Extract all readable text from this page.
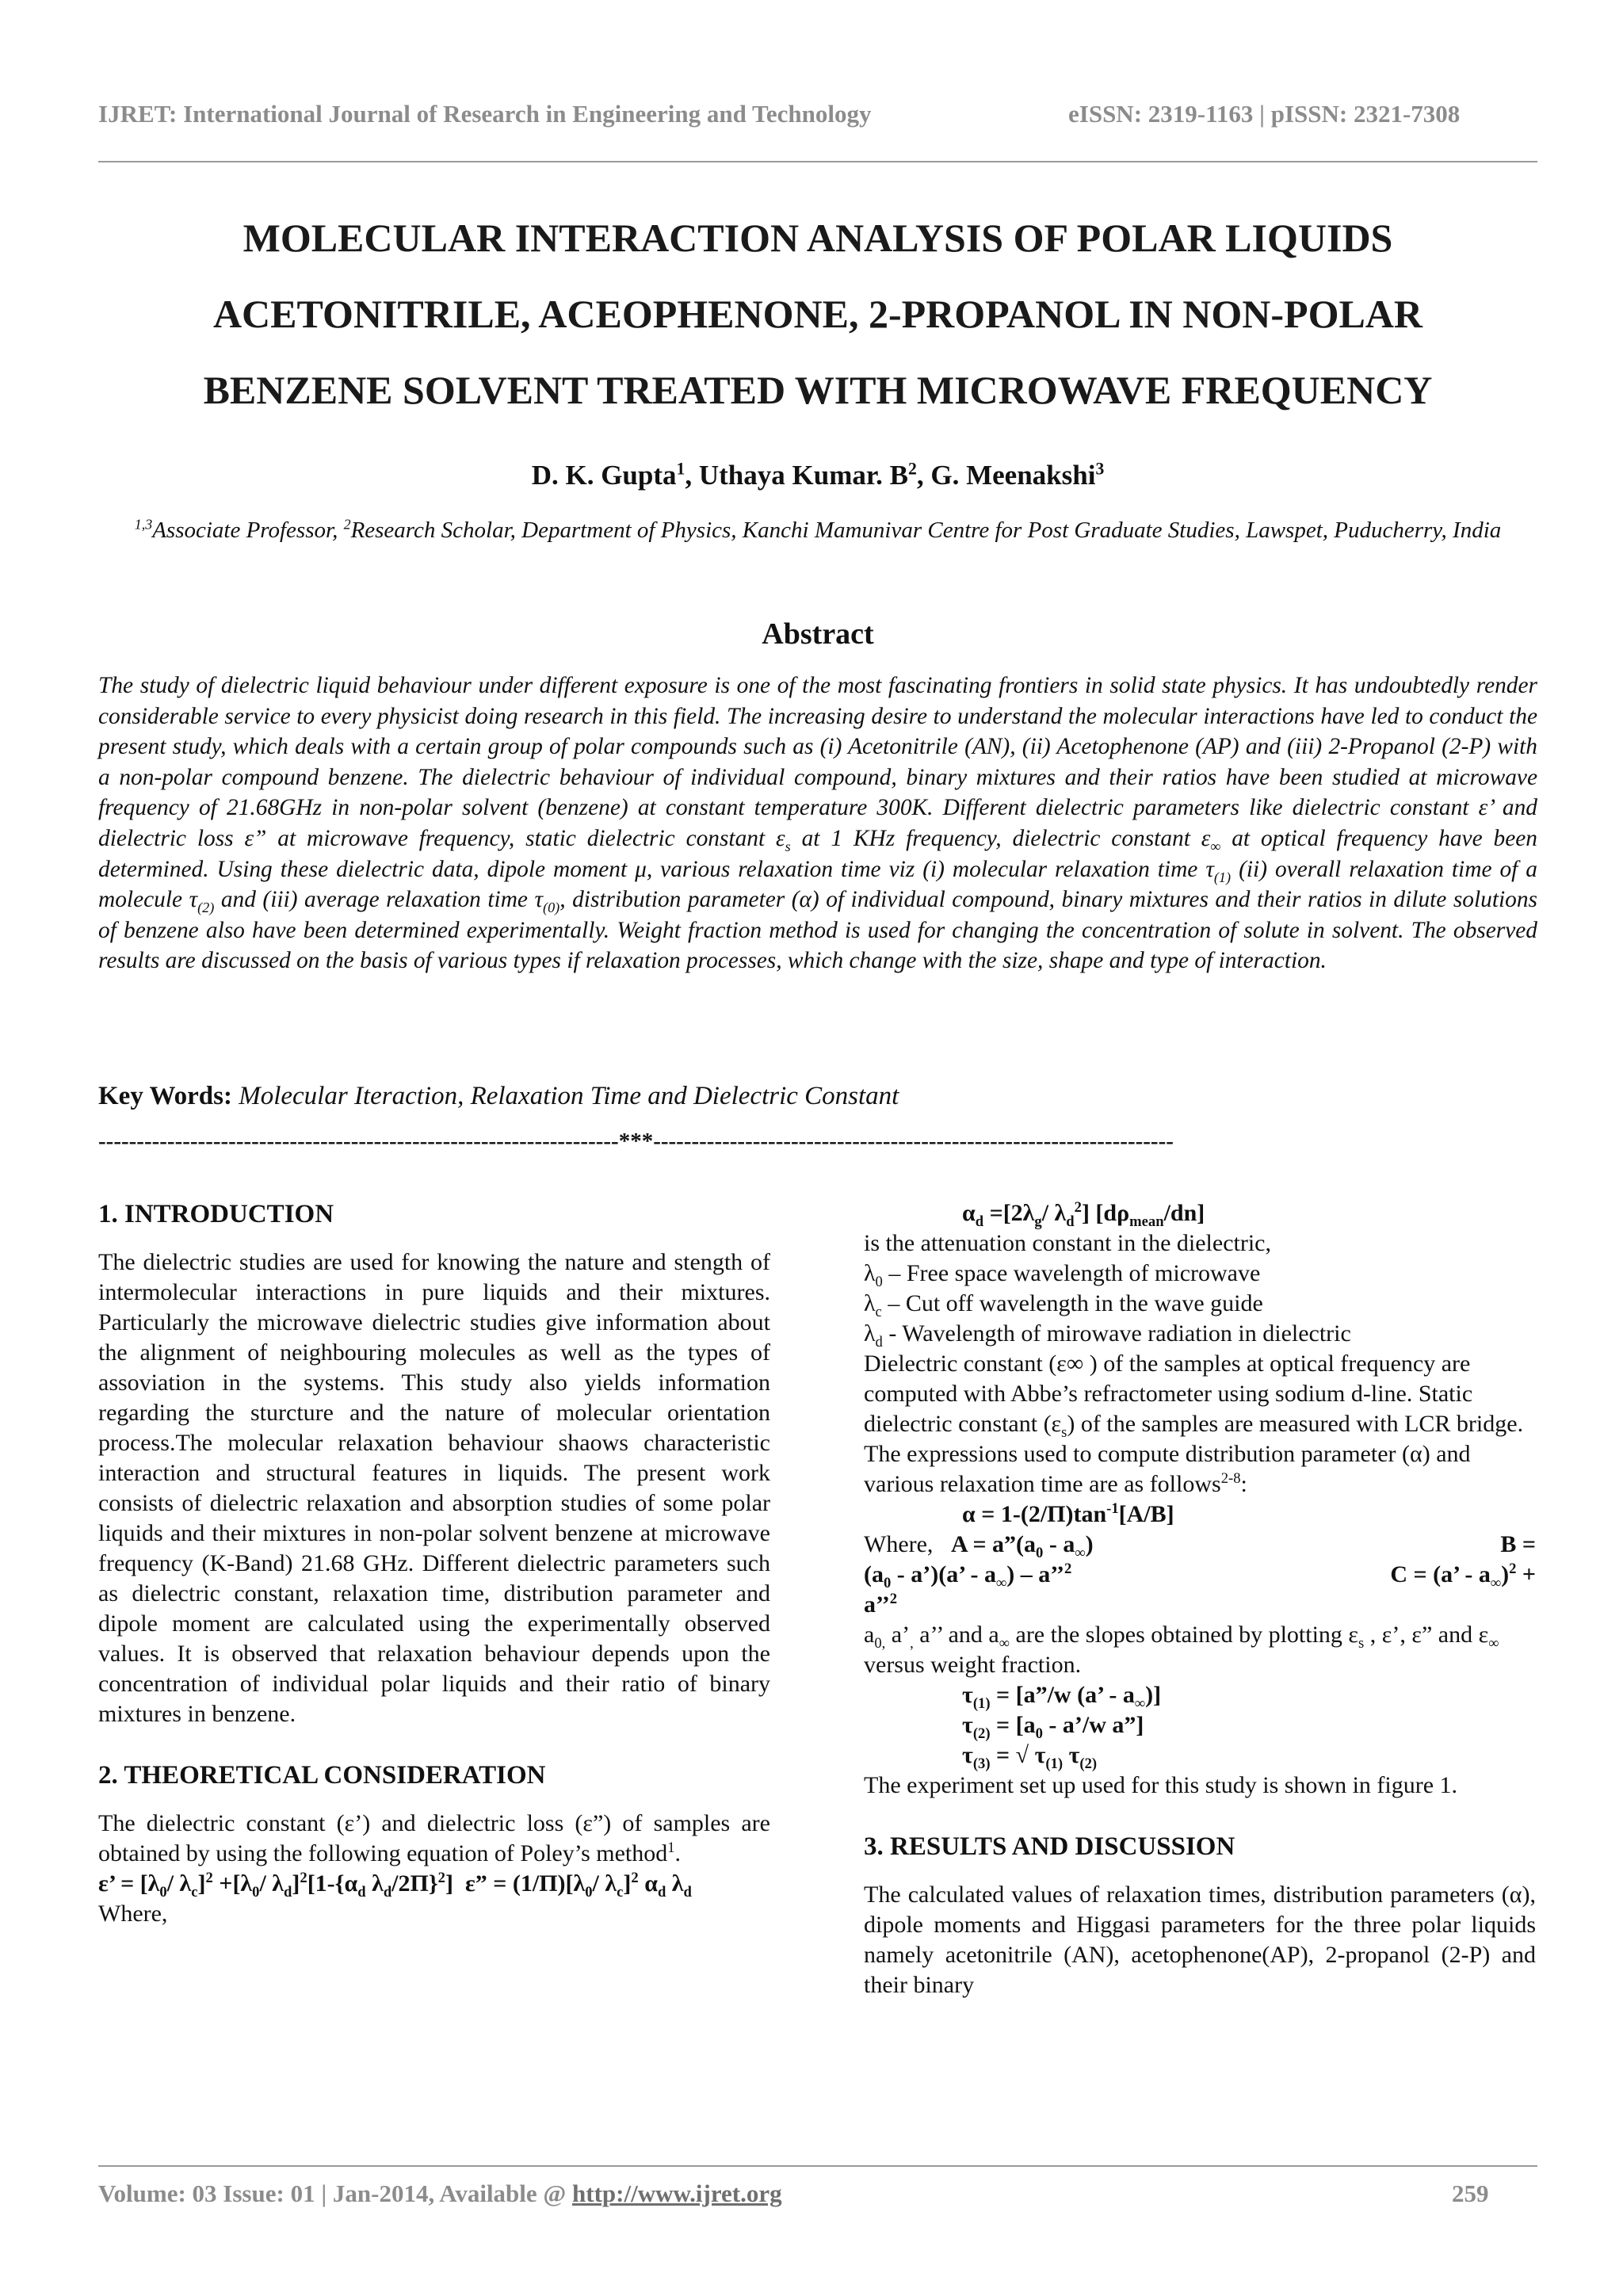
IJRET: International Journal of Research in Engineering and Technology	eISSN: 2319-1163 | pISSN: 2321-7308
MOLECULAR INTERACTION ANALYSIS OF POLAR LIQUIDS
ACETONITRILE, ACEOPHENONE, 2-PROPANOL IN NON-POLAR
BENZENE SOLVENT TREATED WITH MICROWAVE FREQUENCY
D. K. Gupta$^1$, Uthaya Kumar. $B^2$, G. Meenakshi$^3$
$^{1,3}$Associate Professor, $^2$Research Scholar, Department of Physics, Kanchi Mamunivar Centre for Post Graduate Studies, Lawspet, Puducherry, India
Abstract
The study of dielectric liquid behaviour under different exposure is one of the most fascinating frontiers in solid state physics. It has undoubtedly render considerable service to every physicist doing research in this field. The increasing desire to understand the molecular interactions have led to conduct the present study, which deals with a certain group of polar compounds such as (i) Acetonitrile (AN), (ii) Acetophenone (AP) and (iii) 2-Propanol (2-P) with a non-polar compound benzene. The dielectric behaviour of individual compound, binary mixtures and their ratios have been studied at microwave frequency of 21.68GHz in non-polar solvent (benzene) at constant temperature 300K. Different dielectric parameters like dielectric constant ε’ and dielectric loss ε” at microwave frequency, static dielectric constant $\varepsilon_s$ at 1 KHz frequency, dielectric constant $\varepsilon_\infty$ at optical frequency have been determined. Using these dielectric data, dipole moment μ, various relaxation time viz (i) molecular relaxation time $\tau_{(1)}$ (ii) overall relaxation time of a molecule $\tau_{(2)}$ and (iii) average relaxation time $\tau_{(0)}$, distribution parameter (α) of individual compound, binary mixtures and their ratios in dilute solutions of benzene also have been determined experimentally. Weight fraction method is used for changing the concentration of solute in solvent. The observed results are discussed on the basis of various types if relaxation processes, which change with the size, shape and type of interaction.
Key Words: Molecular Iteraction, Relaxation Time and Dielectric Constant
--------------------------------------------------------------------***--------------------------------------------------------------------
1. INTRODUCTION

The dielectric studies are used for knowing the nature and stength of intermolecular interactions in pure liquids and their mixtures. Particularly the microwave dielectric studies give information about the alignment of neighbouring molecules as well as the types of assoviation in the systems. This study also yields information regarding the sturcture and the nature of molecular orientation process.The molecular relaxation behaviour shaows characteristic interaction and structural features in liquids. The present work consists of dielectric relaxation and absorption studies of some polar liquids and their mixtures in non-polar solvent benzene at microwave frequency (K-Band) 21.68 GHz. Different dielectric parameters such as dielectric constant, relaxation time, distribution parameter and dipole moment are calculated using the experimentally observed values. It is observed that relaxation behaviour depends upon the concentration of individual polar liquids and their ratio of binary mixtures in benzene.

2. THEORETICAL CONSIDERATION

The dielectric constant (ε’) and dielectric loss (ε”) of samples are obtained by using the following equation of Poley’s method$^1$.

ε’ = [$\lambda_0/$ $\lambda_c]^2 +[\lambda_0/$ $\lambda_d]^2[1-\{\alpha_d$ $\lambda_d/2\Pi\}^2$]  ε” = $(1/\Pi)[\lambda_0/$ $\lambda_c]^2$ $\alpha_d$ $\lambda_d$
Where,
$\alpha_d =[2\lambda_g/$ $\lambda_d^2$] $[d\rho_{mean}/dn]$
is the attenuation constant in the dielectric,
$\lambda_0$ – Free space wavelength of microwave
$\lambda_c$ – Cut off wavelength in the wave guide
$\lambda_d$ - Wavelength of mirowave radiation in dielectric

Dielectric constant (ε∞ ) of the samples at optical frequency are computed with Abbe’s refractometer using sodium d-line. Static dielectric constant $(\varepsilon_s)$ of the samples are measured with LCR bridge. The expressions used to compute distribution parameter (α) and various relaxation time are as follows$^{2-8}$:

$\alpha = 1-(2/\Pi)\tan^{-1}[A/B]$
Where, $A = a”(a_0 - a_\infty)$	B =
($a_0$ - a’)(a’ - $a_\infty$) – a’’$^2$	C = (a’ - $a_\infty)^2$ +
a’’$^2$
$a_{0,}$ $a’_,$ a’’ and $a_\infty$ are the slopes obtained by plotting $\varepsilon_s$ , ε’, ε” and $\varepsilon_\infty$ versus weight fraction.
$\tau_{(1)}$ = [a”/w (a’ - $a_\infty$)]
$\tau_{(2)} = [a_0$ - a’/w a”]
$\tau_{(3)}$ = √ $\tau_{(1)}$ $\tau_{(2)}$

The experiment set up used for this study is shown in figure 1.

3. RESULTS AND DISCUSSION

The calculated values of relaxation times, distribution parameters (α), dipole moments and Higgasi parameters for the three polar liquids namely acetonitrile (AN), acetophenone(AP), 2-propanol (2-P) and their binary

Volume: 03 Issue: 01 | Jan-2014, Available @ http://www.ijret.org	259
